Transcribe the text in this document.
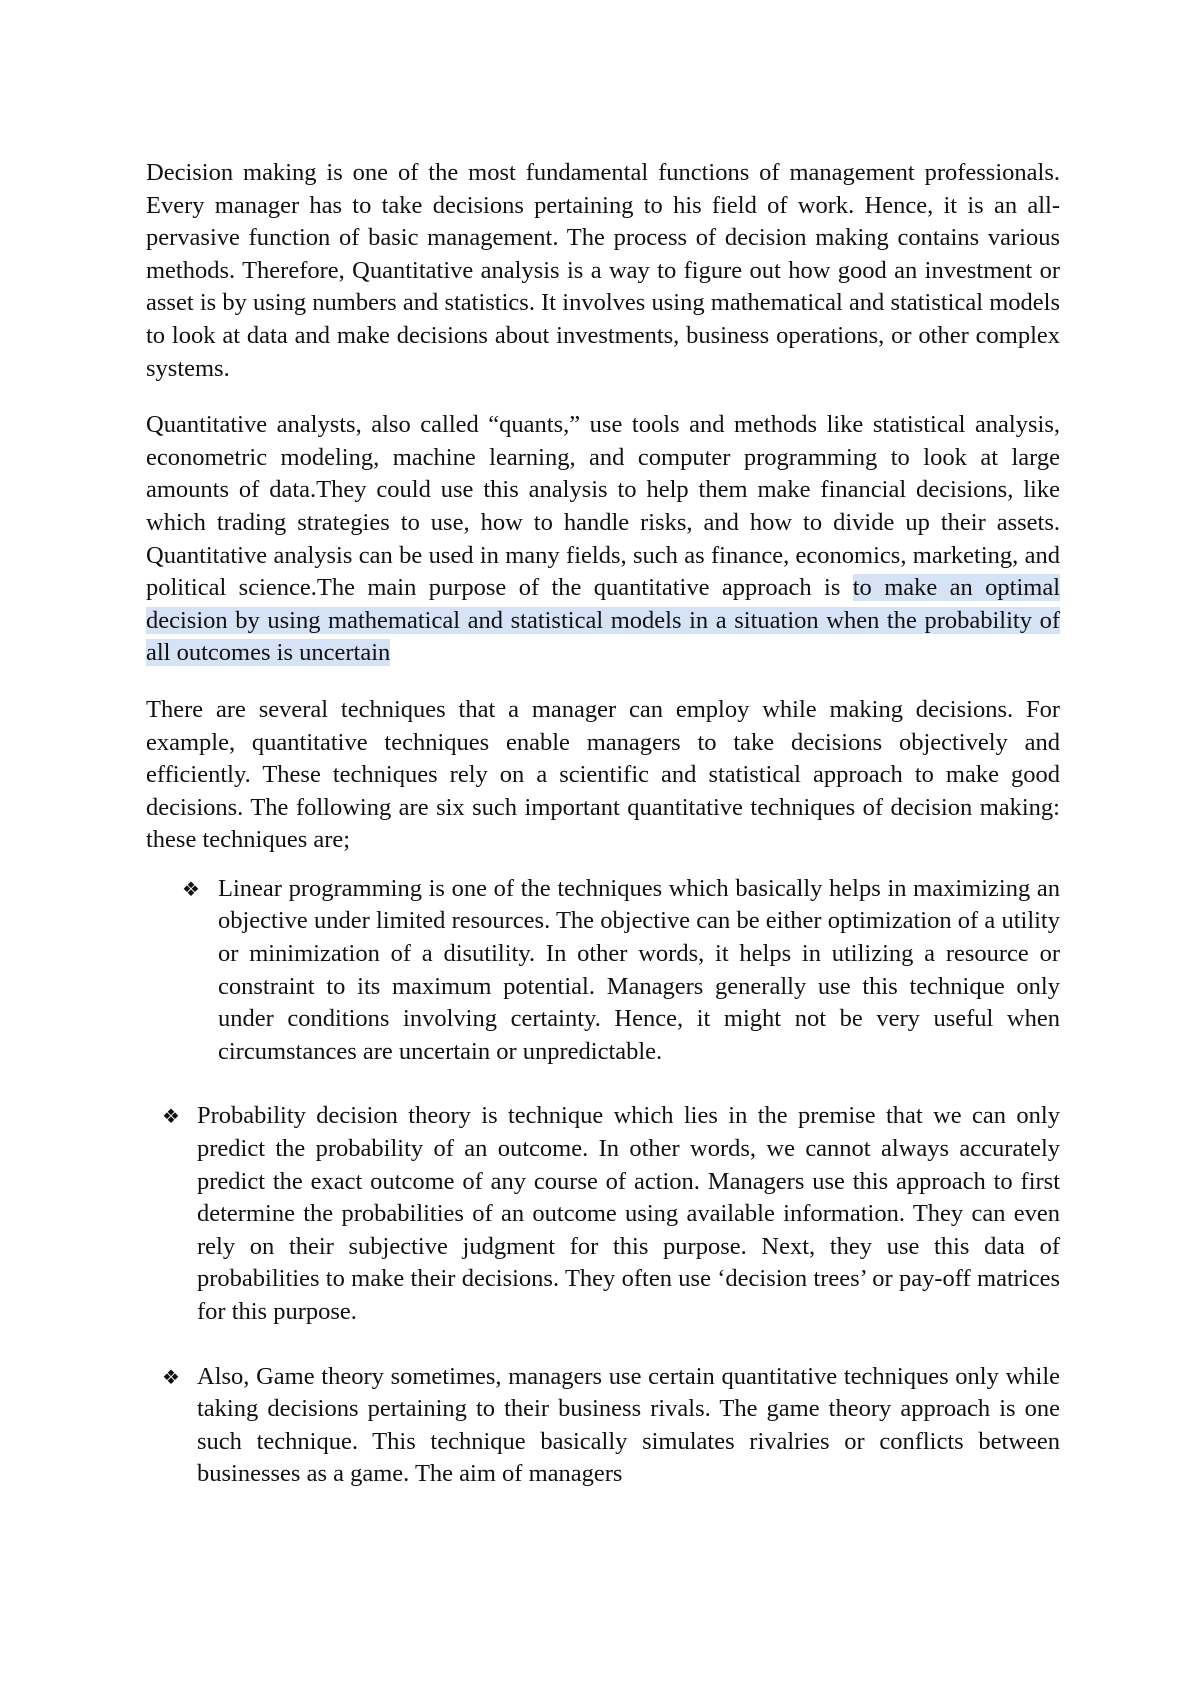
Decision making is one of the most fundamental functions of management professionals. Every manager has to take decisions pertaining to his field of work. Hence, it is an all-pervasive function of basic management. The process of decision making contains various methods. Therefore, Quantitative analysis is a way to figure out how good an investment or asset is by using numbers and statistics. It involves using mathematical and statistical models to look at data and make decisions about investments, business operations, or other complex systems.

Quantitative analysts, also called “quants,” use tools and methods like statistical analysis, econometric modeling, machine learning, and computer programming to look at large amounts of data.They could use this analysis to help them make financial decisions, like which trading strategies to use, how to handle risks, and how to divide up their assets. Quantitative analysis can be used in many fields, such as finance, economics, marketing, and political science.The main purpose of the quantitative approach is to make an optimal decision by using mathematical and statistical models in a situation when the probability of all outcomes is uncertain

There are several techniques that a manager can employ while making decisions. For example, quantitative techniques enable managers to take decisions objectively and efficiently. These techniques rely on a scientific and statistical approach to make good decisions. The following are six such important quantitative techniques of decision making: these techniques are;

❖ Linear programming is one of the techniques which basically helps in maximizing an objective under limited resources. The objective can be either optimization of a utility or minimization of a disutility. In other words, it helps in utilizing a resource or constraint to its maximum potential. Managers generally use this technique only under conditions involving certainty. Hence, it might not be very useful when circumstances are uncertain or unpredictable.
❖ Probability decision theory is technique which lies in the premise that we can only predict the probability of an outcome. In other words, we cannot always accurately predict the exact outcome of any course of action. Managers use this approach to first determine the probabilities of an outcome using available information. They can even rely on their subjective judgment for this purpose. Next, they use this data of probabilities to make their decisions. They often use ‘decision trees’ or pay-off matrices for this purpose.
❖ Also, Game theory sometimes, managers use certain quantitative techniques only while taking decisions pertaining to their business rivals. The game theory approach is one such technique. This technique basically simulates rivalries or conflicts between businesses as a game. The aim of managers
